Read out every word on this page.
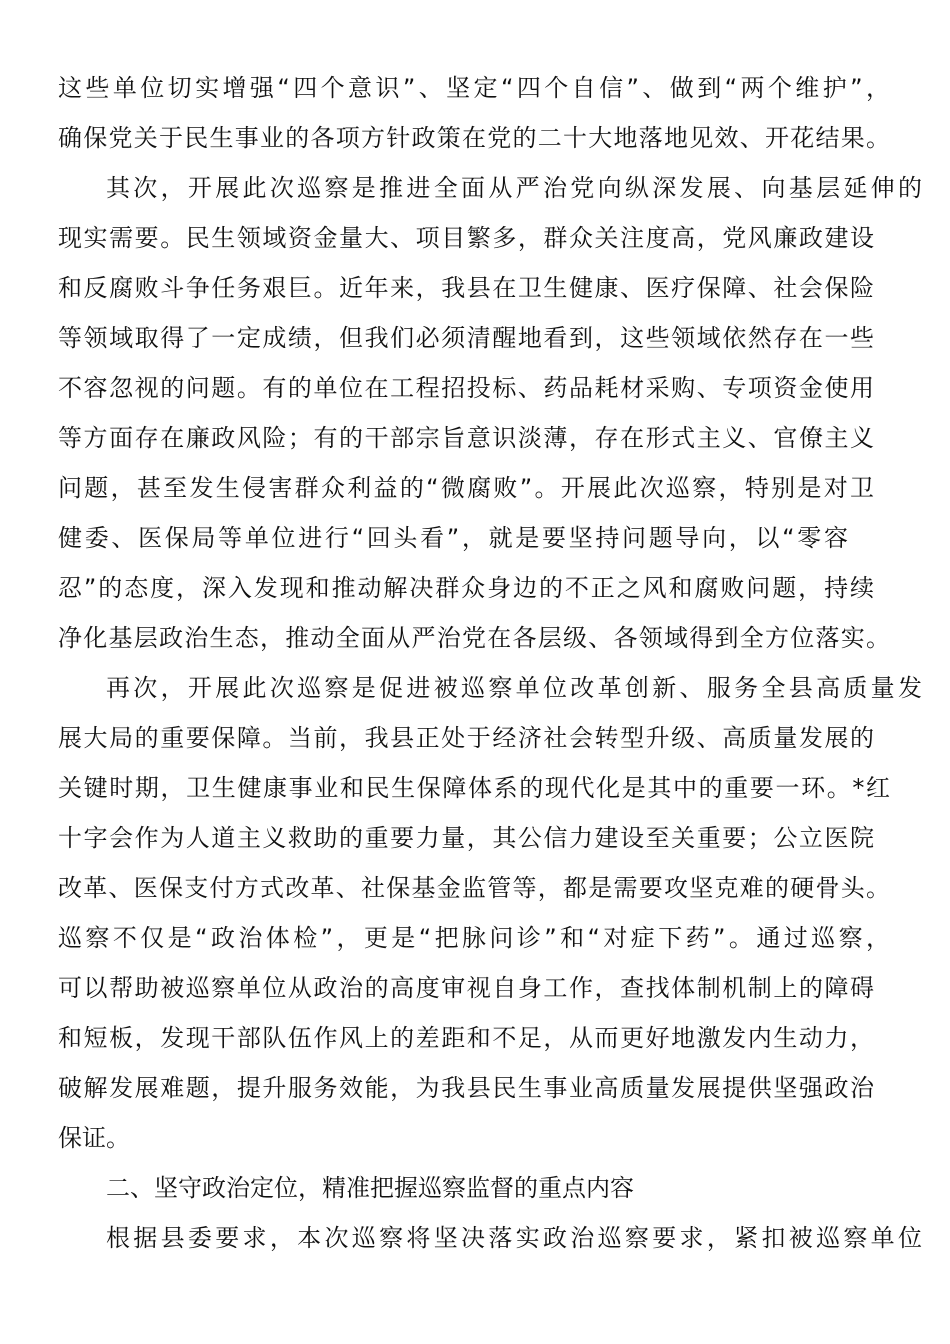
这些单位切实增强“四个意识”、坚定“四个自信”、做到“两个维护”，
确保党关于民生事业的各项方针政策在党的二十大地落地见效、开花结果。
其次，开展此次巡察是推进全面从严治党向纵深发展、向基层延伸的
现实需要。民生领域资金量大、项目繁多，群众关注度高，党风廉政建设
和反腐败斗争任务艰巨。近年来，我县在卫生健康、医疗保障、社会保险
等领域取得了一定成绩，但我们必须清醒地看到，这些领域依然存在一些
不容忽视的问题。有的单位在工程招投标、药品耗材采购、专项资金使用
等方面存在廉政风险；有的干部宗旨意识淡薄，存在形式主义、官僚主义
问题，甚至发生侵害群众利益的“微腐败”。开展此次巡察，特别是对卫
健委、医保局等单位进行“回头看”，就是要坚持问题导向，以“零容
忍”的态度，深入发现和推动解决群众身边的不正之风和腐败问题，持续
净化基层政治生态，推动全面从严治党在各层级、各领域得到全方位落实。
再次，开展此次巡察是促进被巡察单位改革创新、服务全县高质量发
展大局的重要保障。当前，我县正处于经济社会转型升级、高质量发展的
关键时期，卫生健康事业和民生保障体系的现代化是其中的重要一环。*红
十字会作为人道主义救助的重要力量，其公信力建设至关重要；公立医院
改革、医保支付方式改革、社保基金监管等，都是需要攻坚克难的硬骨头。
巡察不仅是“政治体检”，更是“把脉问诊”和“对症下药”。通过巡察，
可以帮助被巡察单位从政治的高度审视自身工作，查找体制机制上的障碍
和短板，发现干部队伍作风上的差距和不足，从而更好地激发内生动力，
破解发展难题，提升服务效能，为我县民生事业高质量发展提供坚强政治
保证。
二、坚守政治定位，精准把握巡察监督的重点内容
根据县委要求，本次巡察将坚决落实政治巡察要求，紧扣被巡察单位
